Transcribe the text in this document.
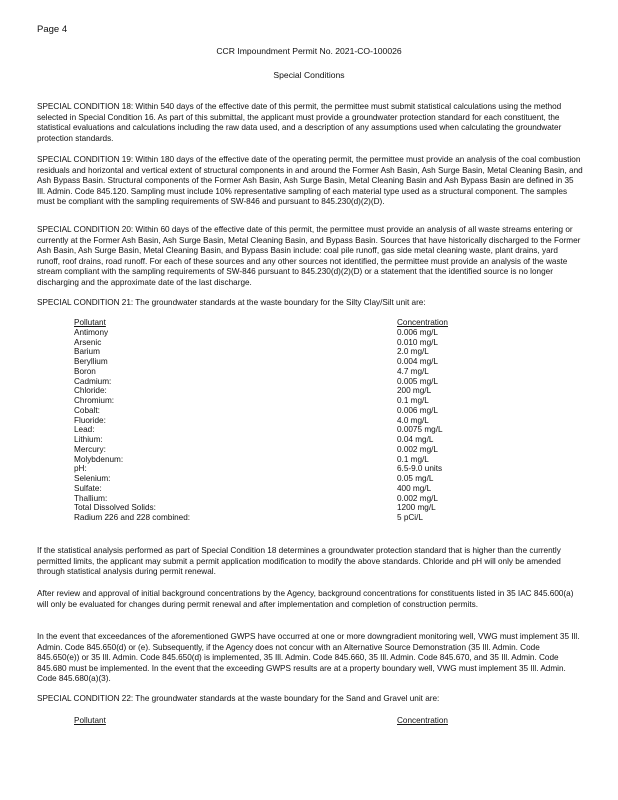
Page 4
CCR Impoundment Permit No. 2021-CO-100026
Special Conditions

SPECIAL CONDITION 18: Within 540 days of the effective date of this permit, the permittee must submit statistical calculations using the method selected in Special Condition 16. As part of this submittal, the applicant must provide a groundwater protection standard for each constituent, the statistical evaluations and calculations including the raw data used, and a description of any assumptions used when calculating the groundwater protection standards.

SPECIAL CONDITION 19: Within 180 days of the effective date of the operating permit, the permittee must provide an analysis of the coal combustion residuals and horizontal and vertical extent of structural components in and around the Former Ash Basin, Ash Surge Basin, Metal Cleaning Basin, and Ash Bypass Basin. Structural components of the Former Ash Basin, Ash Surge Basin, Metal Cleaning Basin and Ash Bypass Basin are defined in 35 Ill. Admin. Code 845.120. Sampling must include 10% representative sampling of each material type used as a structural component. The samples must be compliant with the sampling requirements of SW-846 and pursuant to 845.230(d)(2)(D).

SPECIAL CONDITION 20: Within 60 days of the effective date of this permit, the permittee must provide an analysis of all waste streams entering or currently at the Former Ash Basin, Ash Surge Basin, Metal Cleaning Basin, and Bypass Basin. Sources that have historically discharged to the Former Ash Basin, Ash Surge Basin, Metal Cleaning Basin, and Bypass Basin include: coal pile runoff, gas side metal cleaning waste, plant drains, yard runoff, roof drains, road runoff. For each of these sources and any other sources not identified, the permittee must provide an analysis of the waste stream compliant with the sampling requirements of SW-846 pursuant to 845.230(d)(2)(D) or a statement that the identified source is no longer discharging and the approximate date of the last discharge.

SPECIAL CONDITION 21: The groundwater standards at the waste boundary for the Silty Clay/Silt unit are:

Pollutant	Concentration
Antimony	0.006 mg/L
Arsenic	0.010 mg/L
Barium	2.0 mg/L
Beryllium	0.004 mg/L
Boron	4.7 mg/L
Cadmium:	0.005 mg/L
Chloride:	200 mg/L
Chromium:	0.1 mg/L
Cobalt:	0.006 mg/L
Fluoride:	4.0 mg/L
Lead:	0.0075 mg/L
Lithium:	0.04 mg/L
Mercury:	0.002 mg/L
Molybdenum:	0.1 mg/L
pH:	6.5-9.0 units
Selenium:	0.05 mg/L
Sulfate:	400 mg/L
Thallium:	0.002 mg/L
Total Dissolved Solids:	1200 mg/L
Radium 226 and 228 combined:	5 pCi/L

If the statistical analysis performed as part of Special Condition 18 determines a groundwater protection standard that is higher than the currently permitted limits, the applicant may submit a permit application modification to modify the above standards. Chloride and pH will only be amended through statistical analysis during permit renewal.

After review and approval of initial background concentrations by the Agency, background concentrations for constituents listed in 35 IAC 845.600(a) will only be evaluated for changes during permit renewal and after implementation and completion of construction permits.

In the event that exceedances of the aforementioned GWPS have occurred at one or more downgradient monitoring well, VWG must implement 35 Ill. Admin. Code 845.650(d) or (e). Subsequently, if the Agency does not concur with an Alternative Source Demonstration (35 Ill. Admin. Code 845.650(e)) or 35 Ill. Admin. Code 845.650(d) is implemented, 35 Ill. Admin. Code 845.660, 35 Ill. Admin. Code 845.670, and 35 Ill. Admin. Code 845.680 must be implemented. In the event that the exceeding GWPS results are at a property boundary well, VWG must implement 35 Ill. Admin. Code 845.680(a)(3).

SPECIAL CONDITION 22: The groundwater standards at the waste boundary for the Sand and Gravel unit are:

Pollutant	Concentration
